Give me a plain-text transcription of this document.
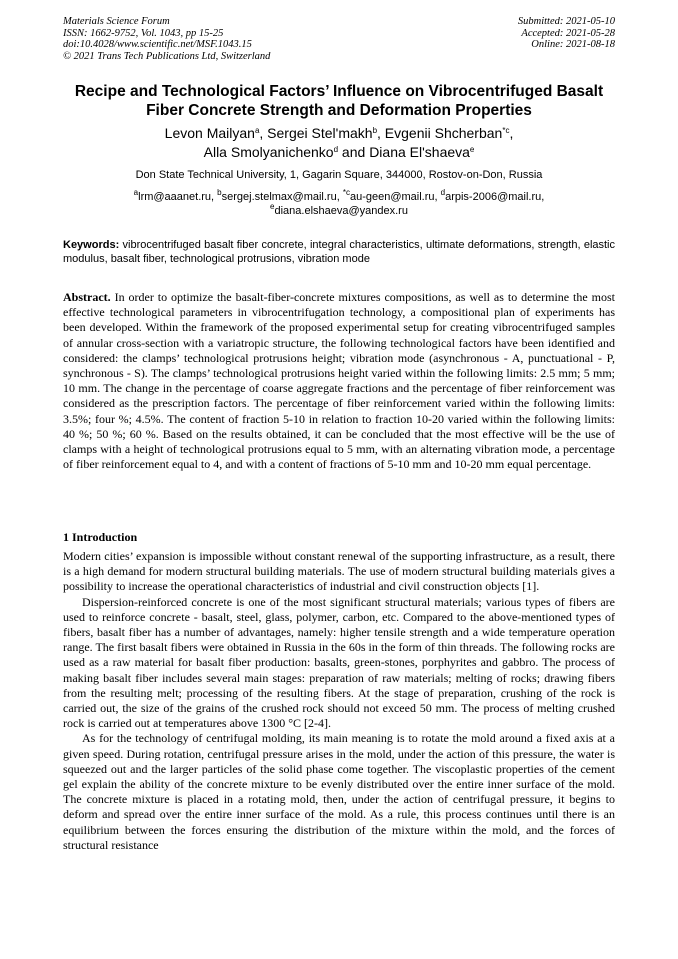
Materials Science Forum
ISSN: 1662-9752, Vol. 1043, pp 15-25
doi:10.4028/www.scientific.net/MSF.1043.15
© 2021 Trans Tech Publications Ltd, Switzerland
Submitted: 2021-05-10
Accepted: 2021-05-28
Online: 2021-08-18
Recipe and Technological Factors’ Influence on Vibrocentrifuged Basalt
Fiber Concrete Strength and Deformation Properties
Levon Mailyan$^a$, Sergei Stel'makh$^b$, Evgenii Shcherban$^{*c}$,
Alla Smolyanichenko$^d$ and Diana El'shaeva$^e$
Don State Technical University, 1, Gagarin Square, 344000, Rostov-on-Don, Russia
$^a$lrm@aaanet.ru, $^b$sergej.stelmax@mail.ru, $^{*c}$au-geen@mail.ru, $^d$arpis-2006@mail.ru,
$^e$diana.elshaeva@yandex.ru
Keywords: vibrocentrifuged basalt fiber concrete, integral characteristics, ultimate deformations, strength, elastic modulus, basalt fiber, technological protrusions, vibration mode
Abstract. In order to optimize the basalt-fiber-concrete mixtures compositions, as well as to determine the most effective technological parameters in vibrocentrifugation technology, a compositional plan of experiments has been developed. Within the framework of the proposed experimental setup for creating vibrocentrifuged samples of annular cross-section with a variatropic structure, the following technological factors have been identified and considered: the clamps’ technological protrusions height; vibration mode (asynchronous - A, punctuational - P, synchronous - S). The clamps’ technological protrusions height varied within the following limits: 2.5 mm; 5 mm; 10 mm. The change in the percentage of coarse aggregate fractions and the percentage of fiber reinforcement was considered as the prescription factors. The percentage of fiber reinforcement varied within the following limits: 3.5%; four %; 4.5%. The content of fraction 5-10 in relation to fraction 10-20 varied within the following limits: 40 %; 50 %; 60 %. Based on the results obtained, it can be concluded that the most effective will be the use of clamps with a height of technological protrusions equal to 5 mm, with an alternating vibration mode, a percentage of fiber reinforcement equal to 4, and with a content of fractions of 5-10 mm and 10-20 mm equal percentage.
1 Introduction

Modern cities’ expansion is impossible without constant renewal of the supporting infrastructure, as a result, there is a high demand for modern structural building materials. The use of modern structural building materials gives a possibility to increase the operational characteristics of industrial and civil construction objects [1].

Dispersion-reinforced concrete is one of the most significant structural materials; various types of fibers are used to reinforce concrete - basalt, steel, glass, polymer, carbon, etc. Compared to the above-mentioned types of fibers, basalt fiber has a number of advantages, namely: higher tensile strength and a wide temperature operation range. The first basalt fibers were obtained in Russia in the 60s in the form of thin threads. The following rocks are used as a raw material for basalt fiber production: basalts, green-stones, porphyrites and gabbro. The process of making basalt fiber includes several main stages: preparation of raw materials; melting of rocks; drawing fibers from the resulting melt; processing of the resulting fibers. At the stage of preparation, crushing of the rock is carried out, the size of the grains of the crushed rock should not exceed 50 mm. The process of melting crushed rock is carried out at temperatures above 1300 °C [2-4].

As for the technology of centrifugal molding, its main meaning is to rotate the mold around a fixed axis at a given speed. During rotation, centrifugal pressure arises in the mold, under the action of this pressure, the water is squeezed out and the larger particles of the solid phase come together. The viscoplastic properties of the cement gel explain the ability of the concrete mixture to be evenly distributed over the entire inner surface of the mold. The concrete mixture is placed in a rotating mold, then, under the action of centrifugal pressure, it begins to deform and spread over the entire inner surface of the mold. As a rule, this process continues until there is an equilibrium between the forces ensuring the distribution of the mixture within the mold, and the forces of structural resistance
